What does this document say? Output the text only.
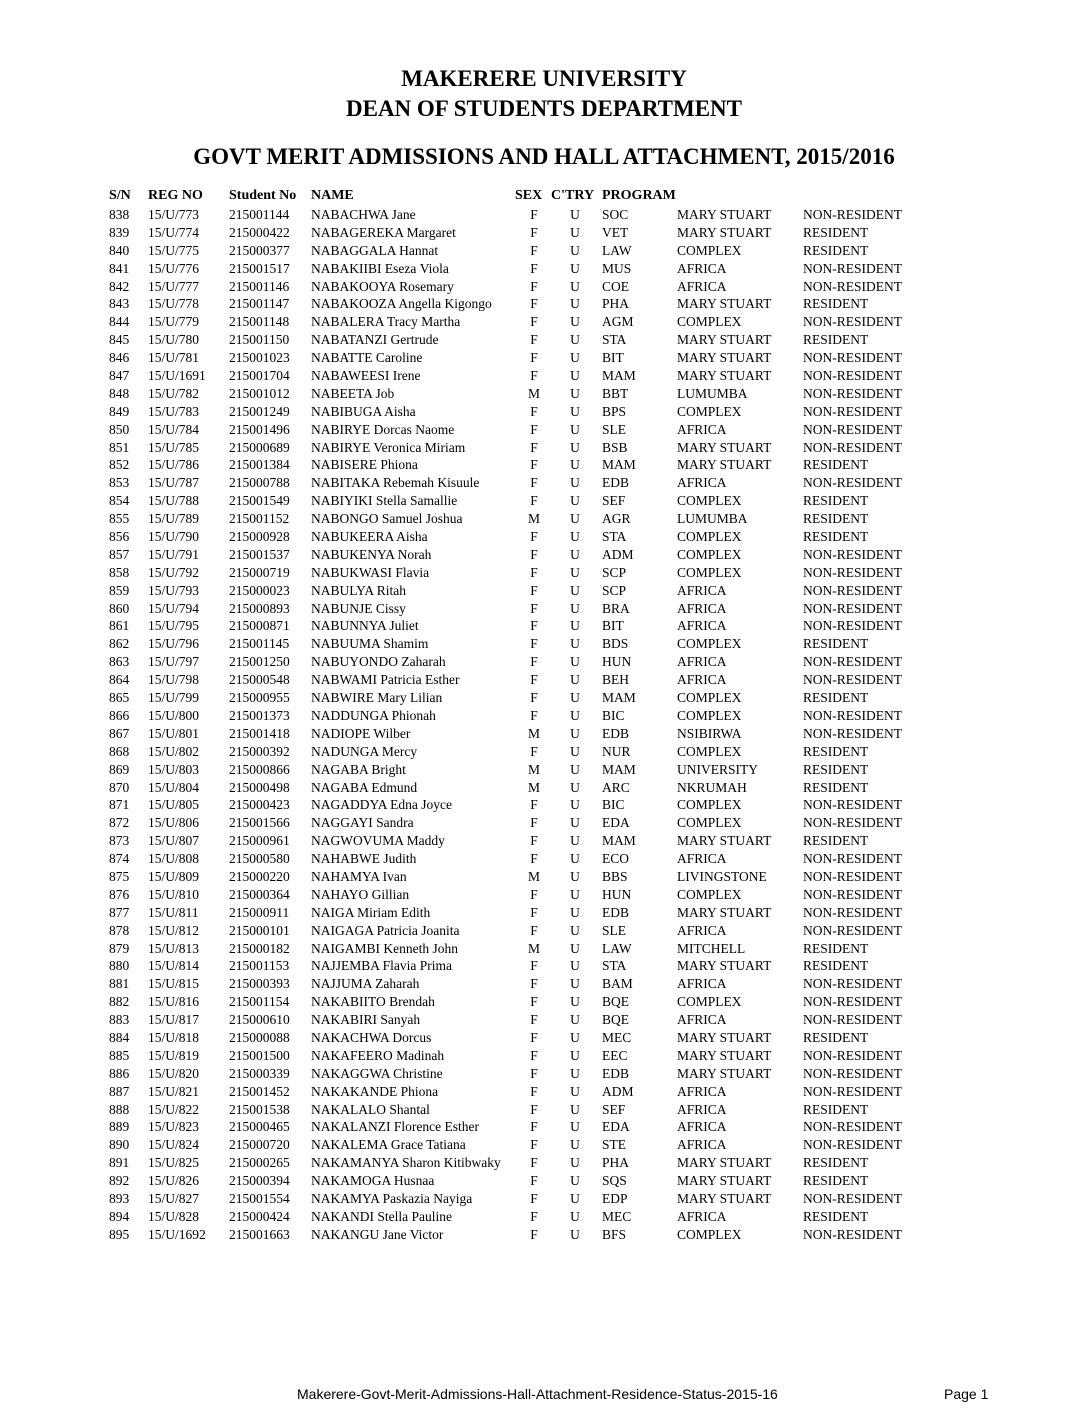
MAKERERE UNIVERSITY
DEAN OF STUDENTS DEPARTMENT
GOVT MERIT ADMISSIONS AND HALL ATTACHMENT, 2015/2016
S/N REG NO Student No NAME	SEX C'TRY PROGRAM
838 15/U/773 215001144 NABACHWA Jane	F	U	SOC	MARY STUART NON-RESIDENT
839 15/U/774 215000422 NABAGEREKA Margaret	F	U	VET	MARY STUART RESIDENT
840 15/U/775 215000377 NABAGGALA Hannat	F	U	LAW	COMPLEX	RESIDENT
841 15/U/776 215001517 NABAKIIBI Esezа Viola	F	U	MUS	AFRICA	NON-RESIDENT
842 15/U/777 215001146 NABAKOOYA Rosemary	F	U	COE	AFRICA	NON-RESIDENT
843 15/U/778 215001147 NABAKOOZA Angella Kigongo	F	U	PHA	MARY STUART RESIDENT
844 15/U/779 215001148 NABALERA Tracy Martha	F	U	AGM	COMPLEX	NON-RESIDENT
845 15/U/780 215001150 NABATANZI Gertrude	F	U	STA	MARY STUART RESIDENT
846 15/U/781 215001023 NABATTE Caroline	F	U	BIT	MARY STUART NON-RESIDENT
847 15/U/1691 215001704 NABAWEESI Irene	F	U	MAM	MARY STUART NON-RESIDENT
848 15/U/782 215001012 NABEETA Job	M	U	BBT	LUMUMBA	NON-RESIDENT
849 15/U/783 215001249 NABIBUGA Aisha	F	U	BPS	COMPLEX	NON-RESIDENT
850 15/U/784 215001496 NABIRYE Dorcas Naome	F	U	SLE	AFRICA	NON-RESIDENT
851 15/U/785 215000689 NABIRYE Veronica Miriam	F	U	BSB	MARY STUART NON-RESIDENT
852 15/U/786 215001384 NABISERE Phiona	F	U	MAM	MARY STUART RESIDENT
853 15/U/787 215000788 NABITAKA Rebemah Kisuule	F	U	EDB	AFRICA	NON-RESIDENT
854 15/U/788 215001549 NABIYIKI Stella Samallie	F	U	SEF	COMPLEX	RESIDENT
855 15/U/789 215001152 NABONGO Samuel Joshua	M	U	AGR	LUMUMBA	RESIDENT
856 15/U/790 215000928 NABUKEERA Aisha	F	U	STA	COMPLEX	RESIDENT
857 15/U/791 215001537 NABUKENYA Norah	F	U	ADM	COMPLEX	NON-RESIDENT
858 15/U/792 215000719 NABUKWASI Flavia	F	U	SCP	COMPLEX	NON-RESIDENT
859 15/U/793 215000023 NABULYA Ritah	F	U	SCP	AFRICA	NON-RESIDENT
860 15/U/794 215000893 NABUNJE Cissy	F	U	BRA	AFRICA	NON-RESIDENT
861 15/U/795 215000871 NABUNNYA Juliet	F	U	BIT	AFRICA	NON-RESIDENT
862 15/U/796 215001145 NABUUMA Shamim	F	U	BDS	COMPLEX	RESIDENT
863 15/U/797 215001250 NABUYONDO Zaharah	F	U	HUN	AFRICA	NON-RESIDENT
864 15/U/798 215000548 NABWAMI Patricia Esther	F	U	BEH	AFRICA	NON-RESIDENT
865 15/U/799 215000955 NABWIRE Mary Lilian	F	U	MAM	COMPLEX	RESIDENT
866 15/U/800 215001373 NADDUNGA Phionah	F	U	BIC	COMPLEX	NON-RESIDENT
867 15/U/801 215001418 NADIOPE Wilber	M	U	EDB	NSIBIRWA	NON-RESIDENT
868 15/U/802 215000392 NADUNGA Mercy	F	U	NUR	COMPLEX	RESIDENT
869 15/U/803 215000866 NAGABA Bright	M	U	MAM	UNIVERSITY	RESIDENT
870 15/U/804 215000498 NAGABA Edmund	M	U	ARC	NKRUMAH	RESIDENT
871 15/U/805 215000423 NAGADDYA Edna Joyce	F	U	BIC	COMPLEX	NON-RESIDENT
872 15/U/806 215001566 NAGGAYI Sandra	F	U	EDA	COMPLEX	NON-RESIDENT
873 15/U/807 215000961 NAGWOVUMA Maddy	F	U	MAM	MARY STUART RESIDENT
874 15/U/808 215000580 NAHABWE Judith	F	U	ECO	AFRICA	NON-RESIDENT
875 15/U/809 215000220 NAHAMYA Ivan	M	U	BBS	LIVINGSTONE	NON-RESIDENT
876 15/U/810 215000364 NAHAYO Gillian	F	U	HUN	COMPLEX	NON-RESIDENT
877 15/U/811 215000911 NAIGA Miriam Edith	F	U	EDB	MARY STUART NON-RESIDENT
878 15/U/812 215000101 NAIGAGA Patricia Joanita	F	U	SLE	AFRICA	NON-RESIDENT
879 15/U/813 215000182 NAIGAMBI Kenneth John	M	U	LAW	MITCHELL	RESIDENT
880 15/U/814 215001153 NAJJEMBA Flavia Prima	F	U	STA	MARY STUART RESIDENT
881 15/U/815 215000393 NAJJUMA Zaharah	F	U	BAM	AFRICA	NON-RESIDENT
882 15/U/816 215001154 NAKABIITO Brendah	F	U	BQE	COMPLEX	NON-RESIDENT
883 15/U/817 215000610 NAKABIRI Sanyah	F	U	BQE	AFRICA	NON-RESIDENT
884 15/U/818 215000088 NAKACHWA Dorcus	F	U	MEC	MARY STUART RESIDENT
885 15/U/819 215001500 NAKAFEERO Madinah	F	U	EEC	MARY STUART NON-RESIDENT
886 15/U/820 215000339 NAKAGGWA Christine	F	U	EDB	MARY STUART NON-RESIDENT
887 15/U/821 215001452 NAKAKANDE Phiona	F	U	ADM	AFRICA	NON-RESIDENT
888 15/U/822 215001538 NAKALALO Shantal	F	U	SEF	AFRICA	RESIDENT
889 15/U/823 215000465 NAKALANZI Florence Esther	F	U	EDA	AFRICA	NON-RESIDENT
890 15/U/824 215000720 NAKALEMA Grace Tatiana	F	U	STE	AFRICA	NON-RESIDENT
891 15/U/825 215000265 NAKAMANYA Sharon Kitibwaky	F	U	PHA	MARY STUART RESIDENT
892 15/U/826 215000394 NAKAMOGA Husnaa	F	U	SQS	MARY STUART RESIDENT
893 15/U/827 215001554 NAKAMYA Paskazia Nayiga	F	U	EDP	MARY STUART NON-RESIDENT
894 15/U/828 215000424 NAKANDI Stella Pauline	F	U	MEC	AFRICA	RESIDENT
895 15/U/1692 215001663 NAKANGU Jane Victor	F	U	BFS	COMPLEX	NON-RESIDENT
Makerere-Govt-Merit-Admissions-Hall-Attachment-Residence-Status-2015-16	Page 1
